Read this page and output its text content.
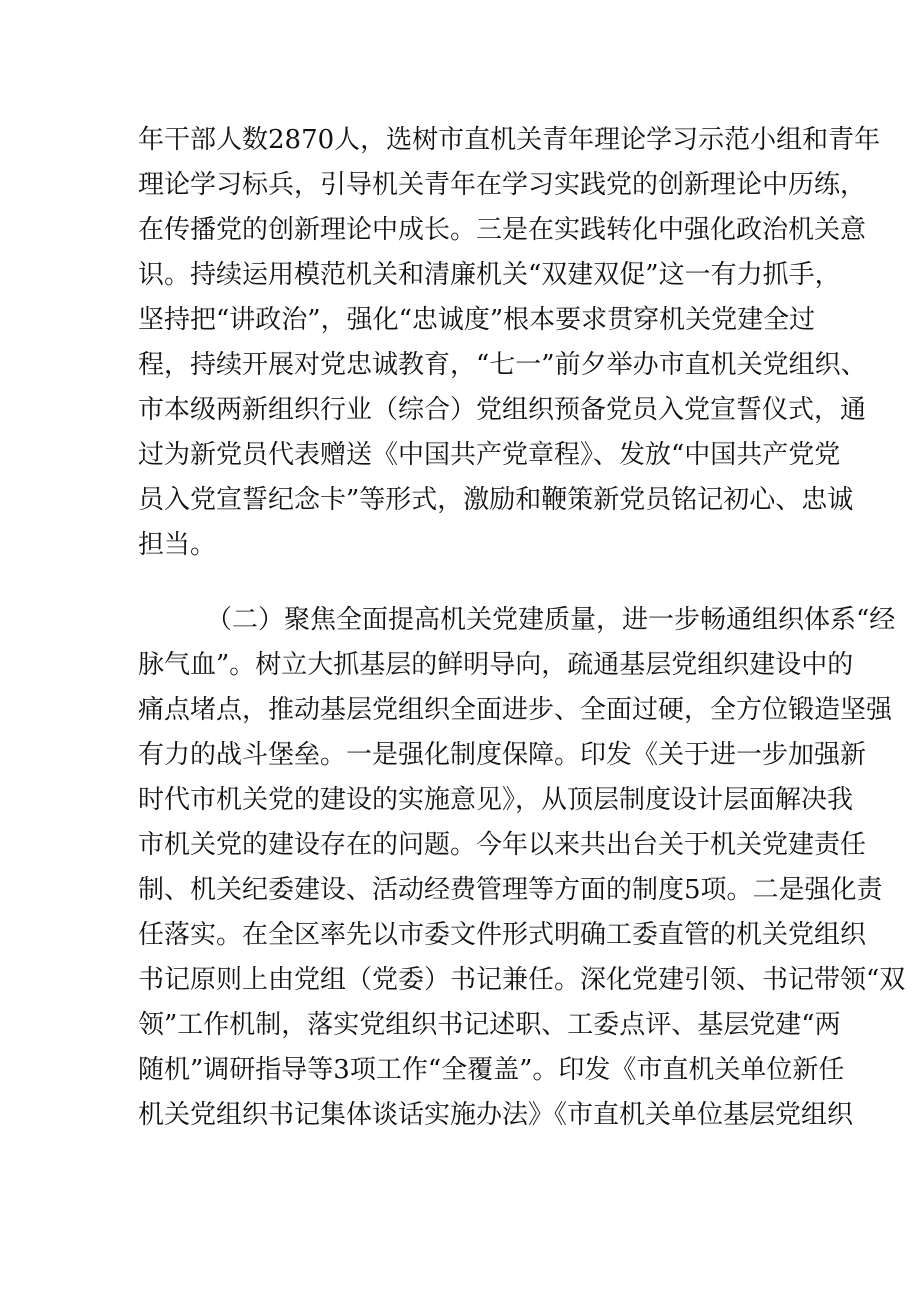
年干部人数2870人，选树市直机关青年理论学习示范小组和青年
理论学习标兵，引导机关青年在学习实践党的创新理论中历练，
在传播党的创新理论中成长。三是在实践转化中强化政治机关意
识。持续运用模范机关和清廉机关“双建双促”这一有力抓手，
坚持把“讲政治”，强化“忠诚度”根本要求贯穿机关党建全过
程，持续开展对党忠诚教育，“七一”前夕举办市直机关党组织、
市本级两新组织行业（综合）党组织预备党员入党宣誓仪式，通
过为新党员代表赠送《中国共产党章程》、发放“中国共产党党
员入党宣誓纪念卡”等形式，激励和鞭策新党员铭记初心、忠诚
担当。
（二）聚焦全面提高机关党建质量，进一步畅通组织体系“经
脉气血”。树立大抓基层的鲜明导向，疏通基层党组织建设中的
痛点堵点，推动基层党组织全面进步、全面过硬，全方位锻造坚强
有力的战斗堡垒。一是强化制度保障。印发《关于进一步加强新
时代市机关党的建设的实施意见》，从顶层制度设计层面解决我
市机关党的建设存在的问题。今年以来共出台关于机关党建责任
制、机关纪委建设、活动经费管理等方面的制度5项。二是强化责
任落实。在全区率先以市委文件形式明确工委直管的机关党组织
书记原则上由党组（党委）书记兼任。深化党建引领、书记带领“双
领”工作机制，落实党组织书记述职、工委点评、基层党建“两
随机”调研指导等3项工作“全覆盖”。印发《市直机关单位新任
机关党组织书记集体谈话实施办法》《市直机关单位基层党组织
